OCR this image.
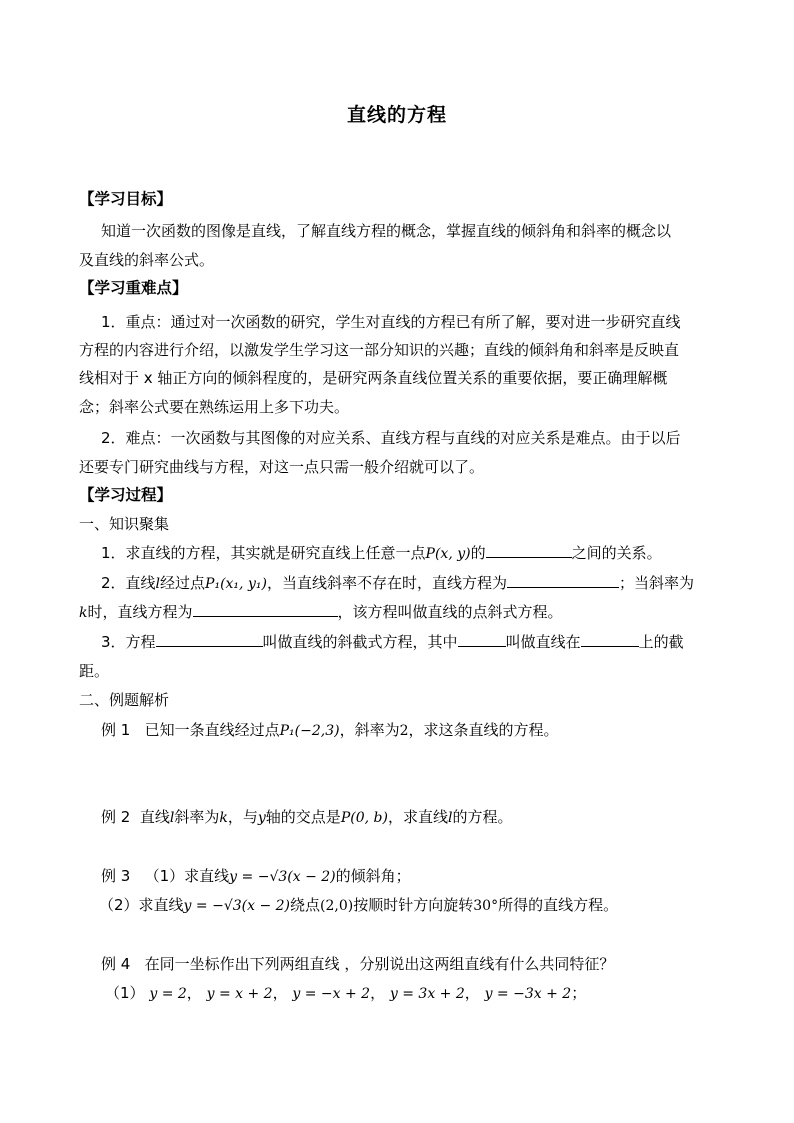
直线的方程
【学习目标】
知道一次函数的图像是直线，了解直线方程的概念，掌握直线的倾斜角和斜率的概念以
及直线的斜率公式。
【学习重难点】
1．重点：通过对一次函数的研究，学生对直线的方程已有所了解，要对进一步研究直线
方程的内容进行介绍，以激发学生学习这一部分知识的兴趣；直线的倾斜角和斜率是反映直
线相对于 x 轴正方向的倾斜程度的，是研究两条直线位置关系的重要依据，要正确理解概
念；斜率公式要在熟练运用上多下功夫。
2．难点：一次函数与其图像的对应关系、直线方程与直线的对应关系是难点。由于以后
还要专门研究曲线与方程，对这一点只需一般介绍就可以了。
【学习过程】
一、知识聚集
1．求直线的方程，其实就是研究直线上任意一点P(x, y)的	之间的关系。
2．直线l经过点P₁(x₁, y₁)，当直线斜率不存在时，直线方程为	；当斜率为
k时，直线方程为	，该方程叫做直线的点斜式方程。
3．方程	叫做直线的斜截式方程，其中	叫做直线在	上的截
距。
二、例题解析
例 1 已知一条直线经过点P₁(−2,3)，斜率为2，求这条直线的方程。
例 2 直线l斜率为k，与y轴的交点是P(0, b)，求直线l的方程。
例 3 （1）求直线y = −√3(x − 2)的倾斜角；
（2）求直线y = −√3(x − 2)绕点(2,0)按顺时针方向旋转30°所得的直线方程。
例 4 在同一坐标作出下列两组直线 ，分别说出这两组直线有什么共同特征？
（1） y = 2， y = x + 2， y = −x + 2， y = 3x + 2， y = −3x + 2；
